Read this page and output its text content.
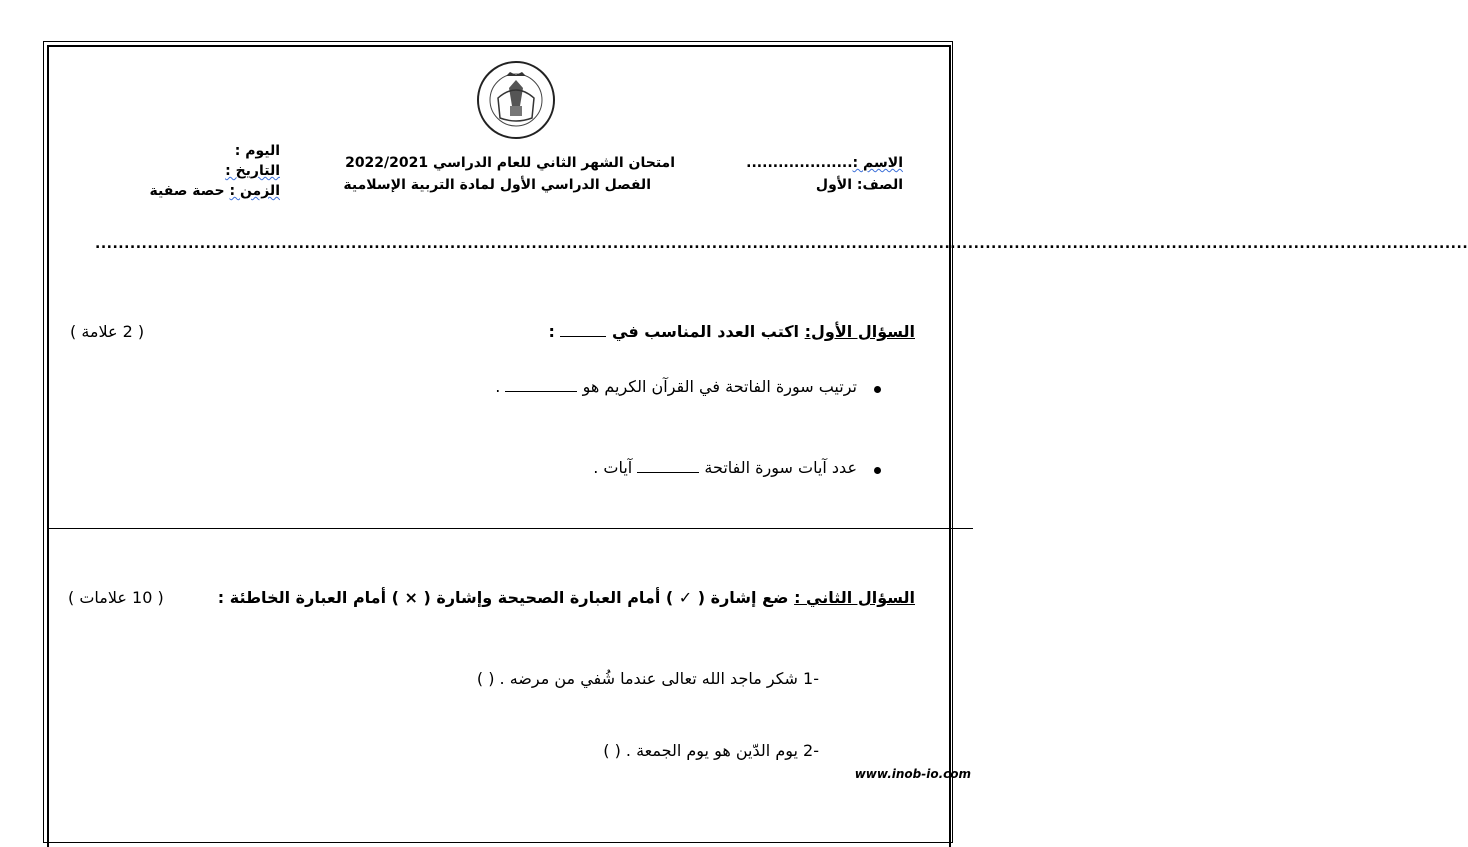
الاسم :....................
الصف: الأول
امتحان الشهر الثاني للعام الدراسي 2022/2021
الفصل الدراسي الأول لمادة التربية الإسلامية
اليوم :
التاريخ :
الزمن : حصة صفية
............................................................................................................................................................................................................................................
السؤال الأول: اكتب العدد المناسب في  :
( 2 علامة )
ترتيب سورة الفاتحة في القرآن الكريم هو  .
عدد آيات سورة الفاتحة  آيات .
السؤال الثاني : ضع إشارة ( ✓ ) أمام العبارة الصحيحة وإشارة ( × ) أمام العبارة الخاطئة :
( 10 علامات )
-1 شكر ماجد الله تعالى عندما شُفي من مرضه . ( )
-2 يوم الدّين هو يوم الجمعة . ( )
www.inob-io.com
